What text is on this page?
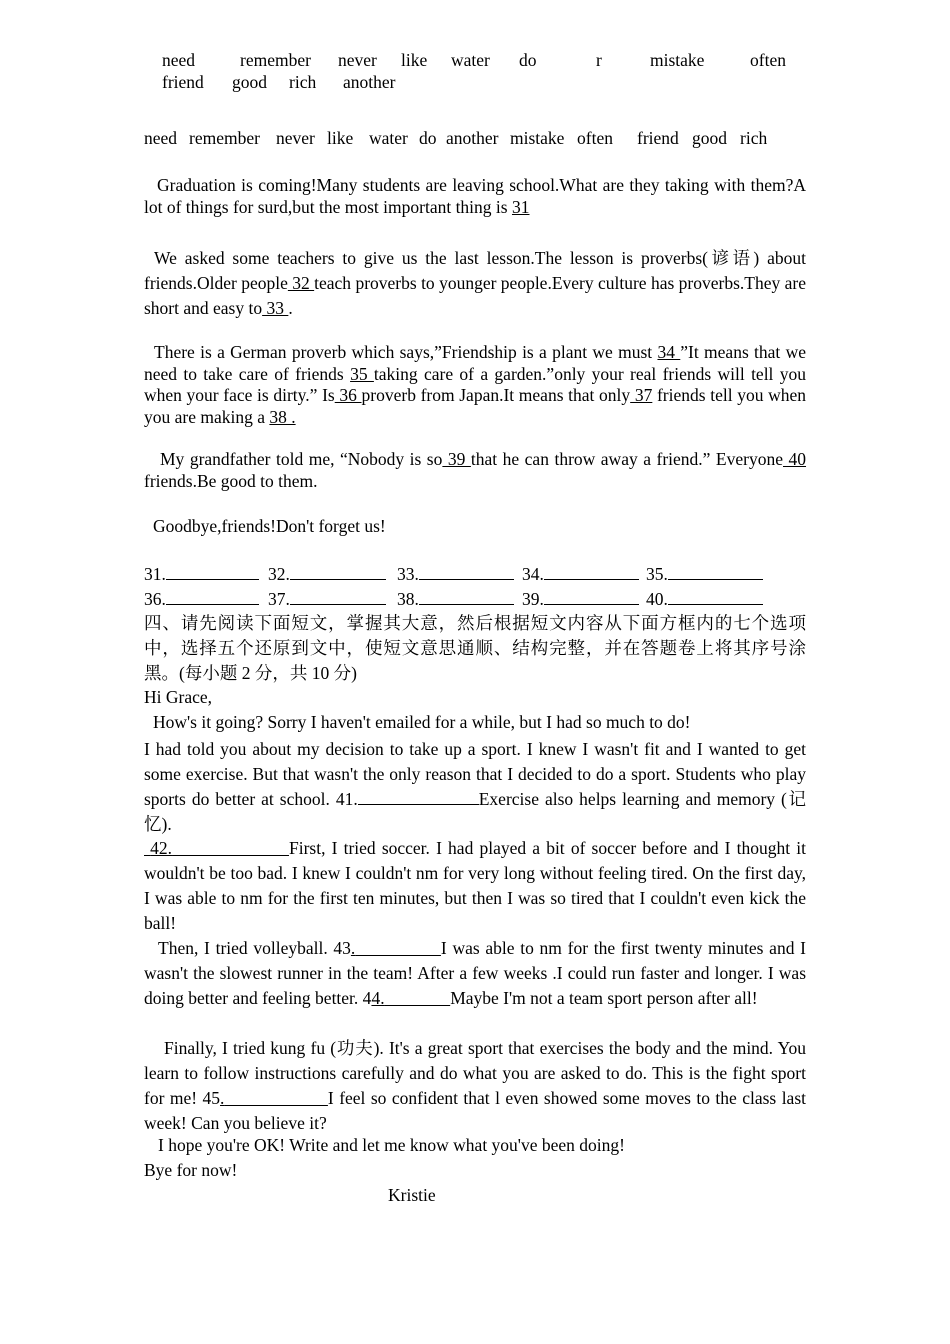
need	remember never like water do	r	mistake	often
friend good rich another
need remember never like water do another mistake often friend good rich
Graduation is coming!Many students are leaving school.What are they taking with them?A lot of things for surd,but the most important thing is 31
We asked some teachers to give us the last lesson.The lesson is proverbs(谚语) about friends.Older people 32 teach proverbs to younger people.Every culture has proverbs.They are short and easy to 33 .
There is a German proverb which says,”Friendship is a plant we must 34 ”It means that we need to take care of friends 35 taking care of a garden.”only your real friends will tell you when your face is dirty.” Is 36 proverb from Japan.It means that only 37 friends tell you when you are making a 38 .
My grandfather told me, “Nobody is so 39 that he can throw away a friend.” Everyone 40 friends.Be good to them.
Goodbye,friends!Don't forget us!
31.	32.	33.	34.	35.
36.	37.	38.	39.	40.
四、请先阅读下面短文，掌握其大意，然后根据短文内容从下面方框内的七个选项中，选择五个还原到文中，使短文意思通顺、结构完整，并在答题卷上将其序号涂黑。(每小题 2 分，共 10 分)
Hi Grace,
How's it going? Sorry I haven't emailed for a while, but I had so much to do!
I had told you about my decision to take up a sport. I knew I wasn't fit and I wanted to get some exercise. But that wasn't the only reason that I decided to do a sport. Students who play sports do better at school. 41.	Exercise also helps learning and memory (记忆).
42.	First, I tried soccer. I had played a bit of soccer before and I thought it wouldn't be too bad. I knew I couldn't nm for very long without feeling tired. On the first day, I was able to nm for the first ten minutes, but then I was so tired that I couldn't even kick the ball!
Then, I tried volleyball. 43.	I was able to nm for the first twenty minutes and I wasn't the slowest runner in the team! After a few weeks .I could run faster and longer. I was doing better and feeling better. 44.	Maybe I'm not a team sport person after all!
Finally, I tried kung fu (功夫). It's a great sport that exercises the body and the mind. You learn to follow instructions carefully and do what you are asked to do. This is the fight sport for me! 45.	I feel so confident that l even showed some moves to the class last week! Can you believe it?
I hope you're OK! Write and let me know what you've been doing!
Bye for now!
Kristie
